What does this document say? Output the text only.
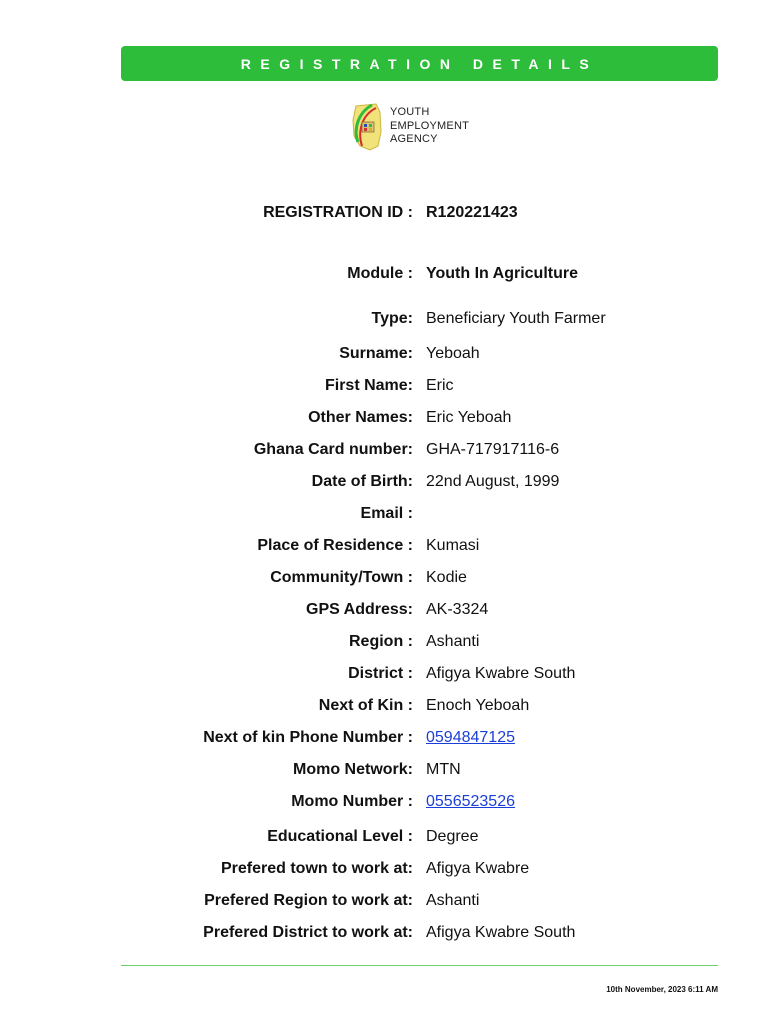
REGISTRATION DETAILS
YOUTH
EMPLOYMENT
AGENCY
REGISTRATION ID : R120221423
Module : Youth In Agriculture
Type: Beneficiary Youth Farmer
Surname: Yeboah
First Name: Eric
Other Names: Eric Yeboah
Ghana Card number: GHA-717917116-6
Date of Birth: 22nd August, 1999
Email :
Place of Residence : Kumasi
Community/Town : Kodie
GPS Address: AK-3324
Region : Ashanti
District : Afigya Kwabre South
Next of Kin : Enoch Yeboah
Next of kin Phone Number : 0594847125
Momo Network: MTN
Momo Number : 0556523526
Educational Level : Degree
Prefered town to work at: Afigya Kwabre
Prefered Region to work at: Ashanti
Prefered District to work at: Afigya Kwabre South
10th November, 2023 6:11 AM
